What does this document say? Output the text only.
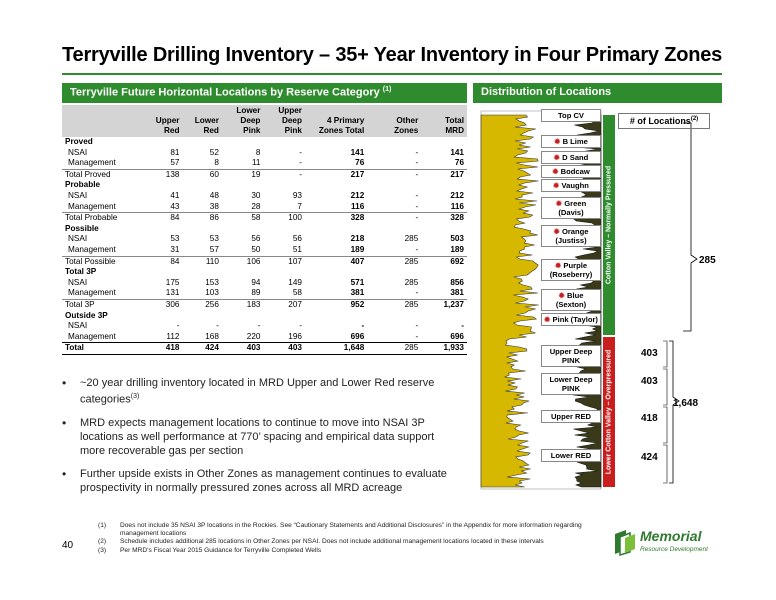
Terryville Drilling Inventory – 35+ Year Inventory in Four Primary Zones
Terryville Future Horizontal Locations by Reserve Category $^{(1)}$	Distribution of Locations
	Upper Red	Lower Red	Lower Deep Pink	Upper Deep Pink	4 Primary Zones Total	Other Zones	Total MRD
Proved							
NSAI	81	52	8	-	141	-	141
Management	57	8	11	-	76	-	76
Total Proved	138	60	19	-	217	-	217
Probable							
NSAI	41	48	30	93	212	-	212
Management	43	38	28	7	116	-	116
Total Probable	84	86	58	100	328	-	328
Possible							
NSAI	53	53	56	56	218	285	503
Management	31	57	50	51	189	-	189
Total Possible	84	110	106	107	407	285	692
Total 3P							
NSAI	175	153	94	149	571	285	856
Management	131	103	89	58	381	-	381
Total 3P	306	256	183	207	952	285	1,237
Outside 3P							
NSAI	-	-	-	-	-	-	-
Management	112	168	220	196	696	-	696
Total	418	424	403	403	1,648	285	1,933
•	~20 year drilling inventory located in MRD Upper and Lower Red reserve categories$^{(3)}$
•	MRD expects management locations to continue to move into NSAI 3P locations as well performance at 770’ spacing and empirical data support more recoverable gas per section
•	Further upside exists in Other Zones as management continues to evaluate prospectivity in normally pressured zones across all MRD acreage
40
(1)	Does not include 35 NSAI 3P locations in the Rockies. See “Cautionary Statements and Additional Disclosures” in the Appendix for more information regarding management locations
(2)	Schedule includes additional 285 locations in Other Zones per NSAI. Does not include additional management locations located in these intervals
(3)	Per MRD’s Fiscal Year 2015 Guidance for Terryville Completed Wells
Memorial
Resource Development
Cotton Valley – Normally Pressured
Lower Cotton Valley – Overpressured
# of Locations$^{(2)}$
Top CV
✹ B Lime
✹ D Sand
✹ Bodcaw
✹ Vaughn
✹ Green (Davis)
✹ Orange (Justiss)
✹ Purple (Roseberry)
✹ Blue (Sexton)
✹ Pink (Taylor)
Upper Deep PINK
403
Lower Deep PINK
403
Upper RED	418
Lower RED	424
285
1,648
